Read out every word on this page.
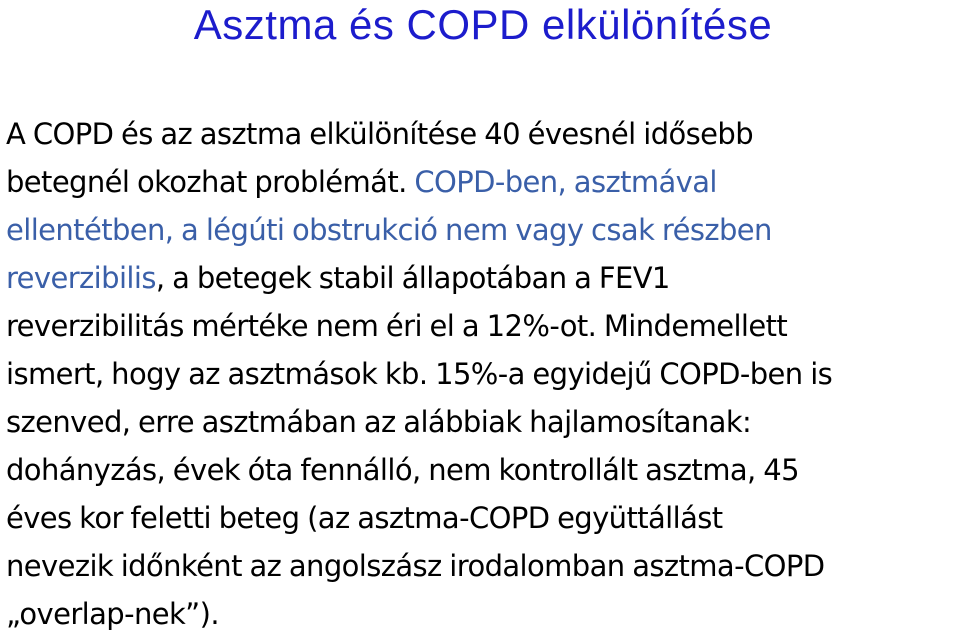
Asztma és COPD elkülönítése
A COPD és az asztma elkülönítése 40 évesnél idősebb
betegnél okozhat problémát. COPD-ben, asztmával
ellentétben, a légúti obstrukció nem vagy csak részben
reverzibilis, a betegek stabil állapotában a FEV1
reverzibilitás mértéke nem éri el a 12%-ot. Mindemellett
ismert, hogy az asztmások kb. 15%-a egyidejű COPD-ben is
szenved, erre asztmában az alábbiak hajlamosítanak:
dohányzás, évek óta fennálló, nem kontrollált asztma, 45
éves kor feletti beteg (az asztma-COPD együttállást
nevezik időnként az angolszász irodalomban asztma-COPD
„overlap-nek”).
